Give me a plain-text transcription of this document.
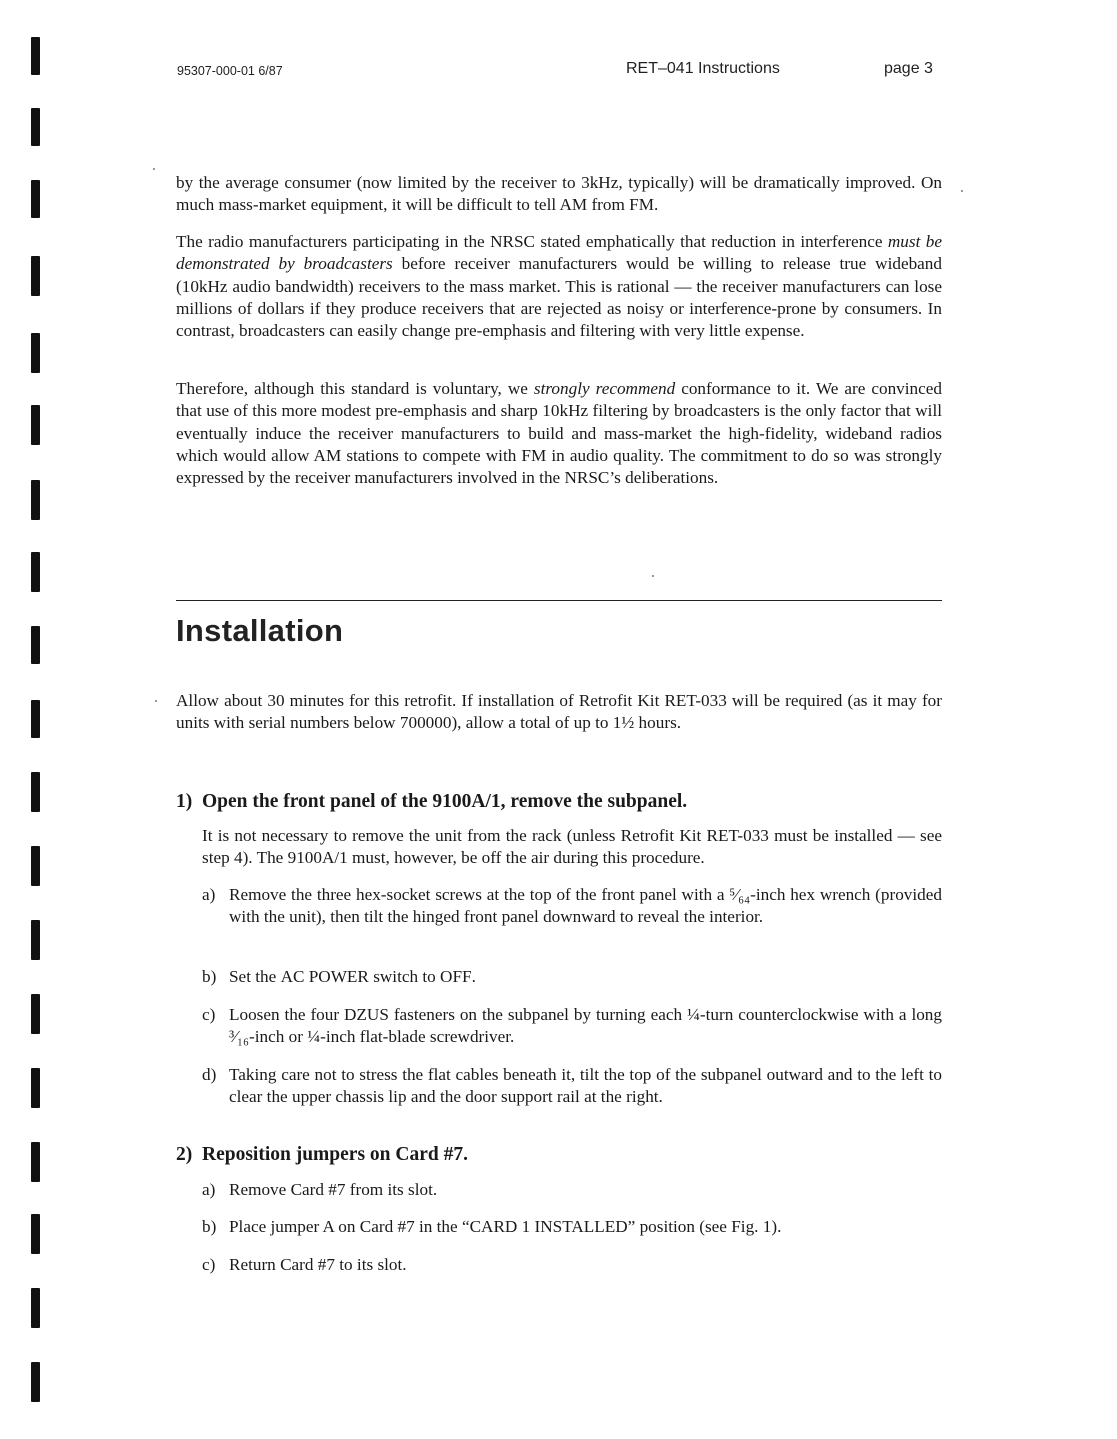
95307-000-01 6/87	RET–041 Instructions	page 3

by the average consumer (now limited by the receiver to 3kHz, typically) will be dramatically improved. On much mass-market equipment, it will be difficult to tell AM from FM.

The radio manufacturers participating in the NRSC stated emphatically that reduction in interference must be demonstrated by broadcasters before receiver manufacturers would be willing to release true wideband (10kHz audio bandwidth) receivers to the mass market. This is rational — the receiver manufacturers can lose millions of dollars if they produce receivers that are rejected as noisy or interference-prone by consumers. In contrast, broadcasters can easily change pre-emphasis and filtering with very little expense.

Therefore, although this standard is voluntary, we strongly recommend conformance to it. We are convinced that use of this more modest pre-emphasis and sharp 10kHz filtering by broadcasters is the only factor that will eventually induce the receiver manufacturers to build and mass-market the high-fidelity, wideband radios which would allow AM stations to compete with FM in audio quality. The commitment to do so was strongly expressed by the receiver manufacturers involved in the NRSC’s deliberations.

Installation

Allow about 30 minutes for this retrofit. If installation of Retrofit Kit RET-033 will be required (as it may for units with serial numbers below 700000), allow a total of up to 1½ hours.

1) Open the front panel of the 9100A/1, remove the subpanel.

It is not necessary to remove the unit from the rack (unless Retrofit Kit RET-033 must be installed — see step 4). The 9100A/1 must, however, be off the air during this procedure.

a) Remove the three hex-socket screws at the top of the front panel with a ⁵⁄₆₄-inch hex wrench (provided with the unit), then tilt the hinged front panel downward to reveal the interior.
b) Set the AC POWER switch to OFF.
c) Loosen the four DZUS fasteners on the subpanel by turning each ¼-turn counterclockwise with a long ³⁄₁₆-inch or ¼-inch flat-blade screwdriver.
d) Taking care not to stress the flat cables beneath it, tilt the top of the subpanel outward and to the left to clear the upper chassis lip and the door support rail at the right.
2) Reposition jumpers on Card #7.
a) Remove Card #7 from its slot.
b) Place jumper A on Card #7 in the “CARD 1 INSTALLED” position (see Fig. 1).
c) Return Card #7 to its slot.
